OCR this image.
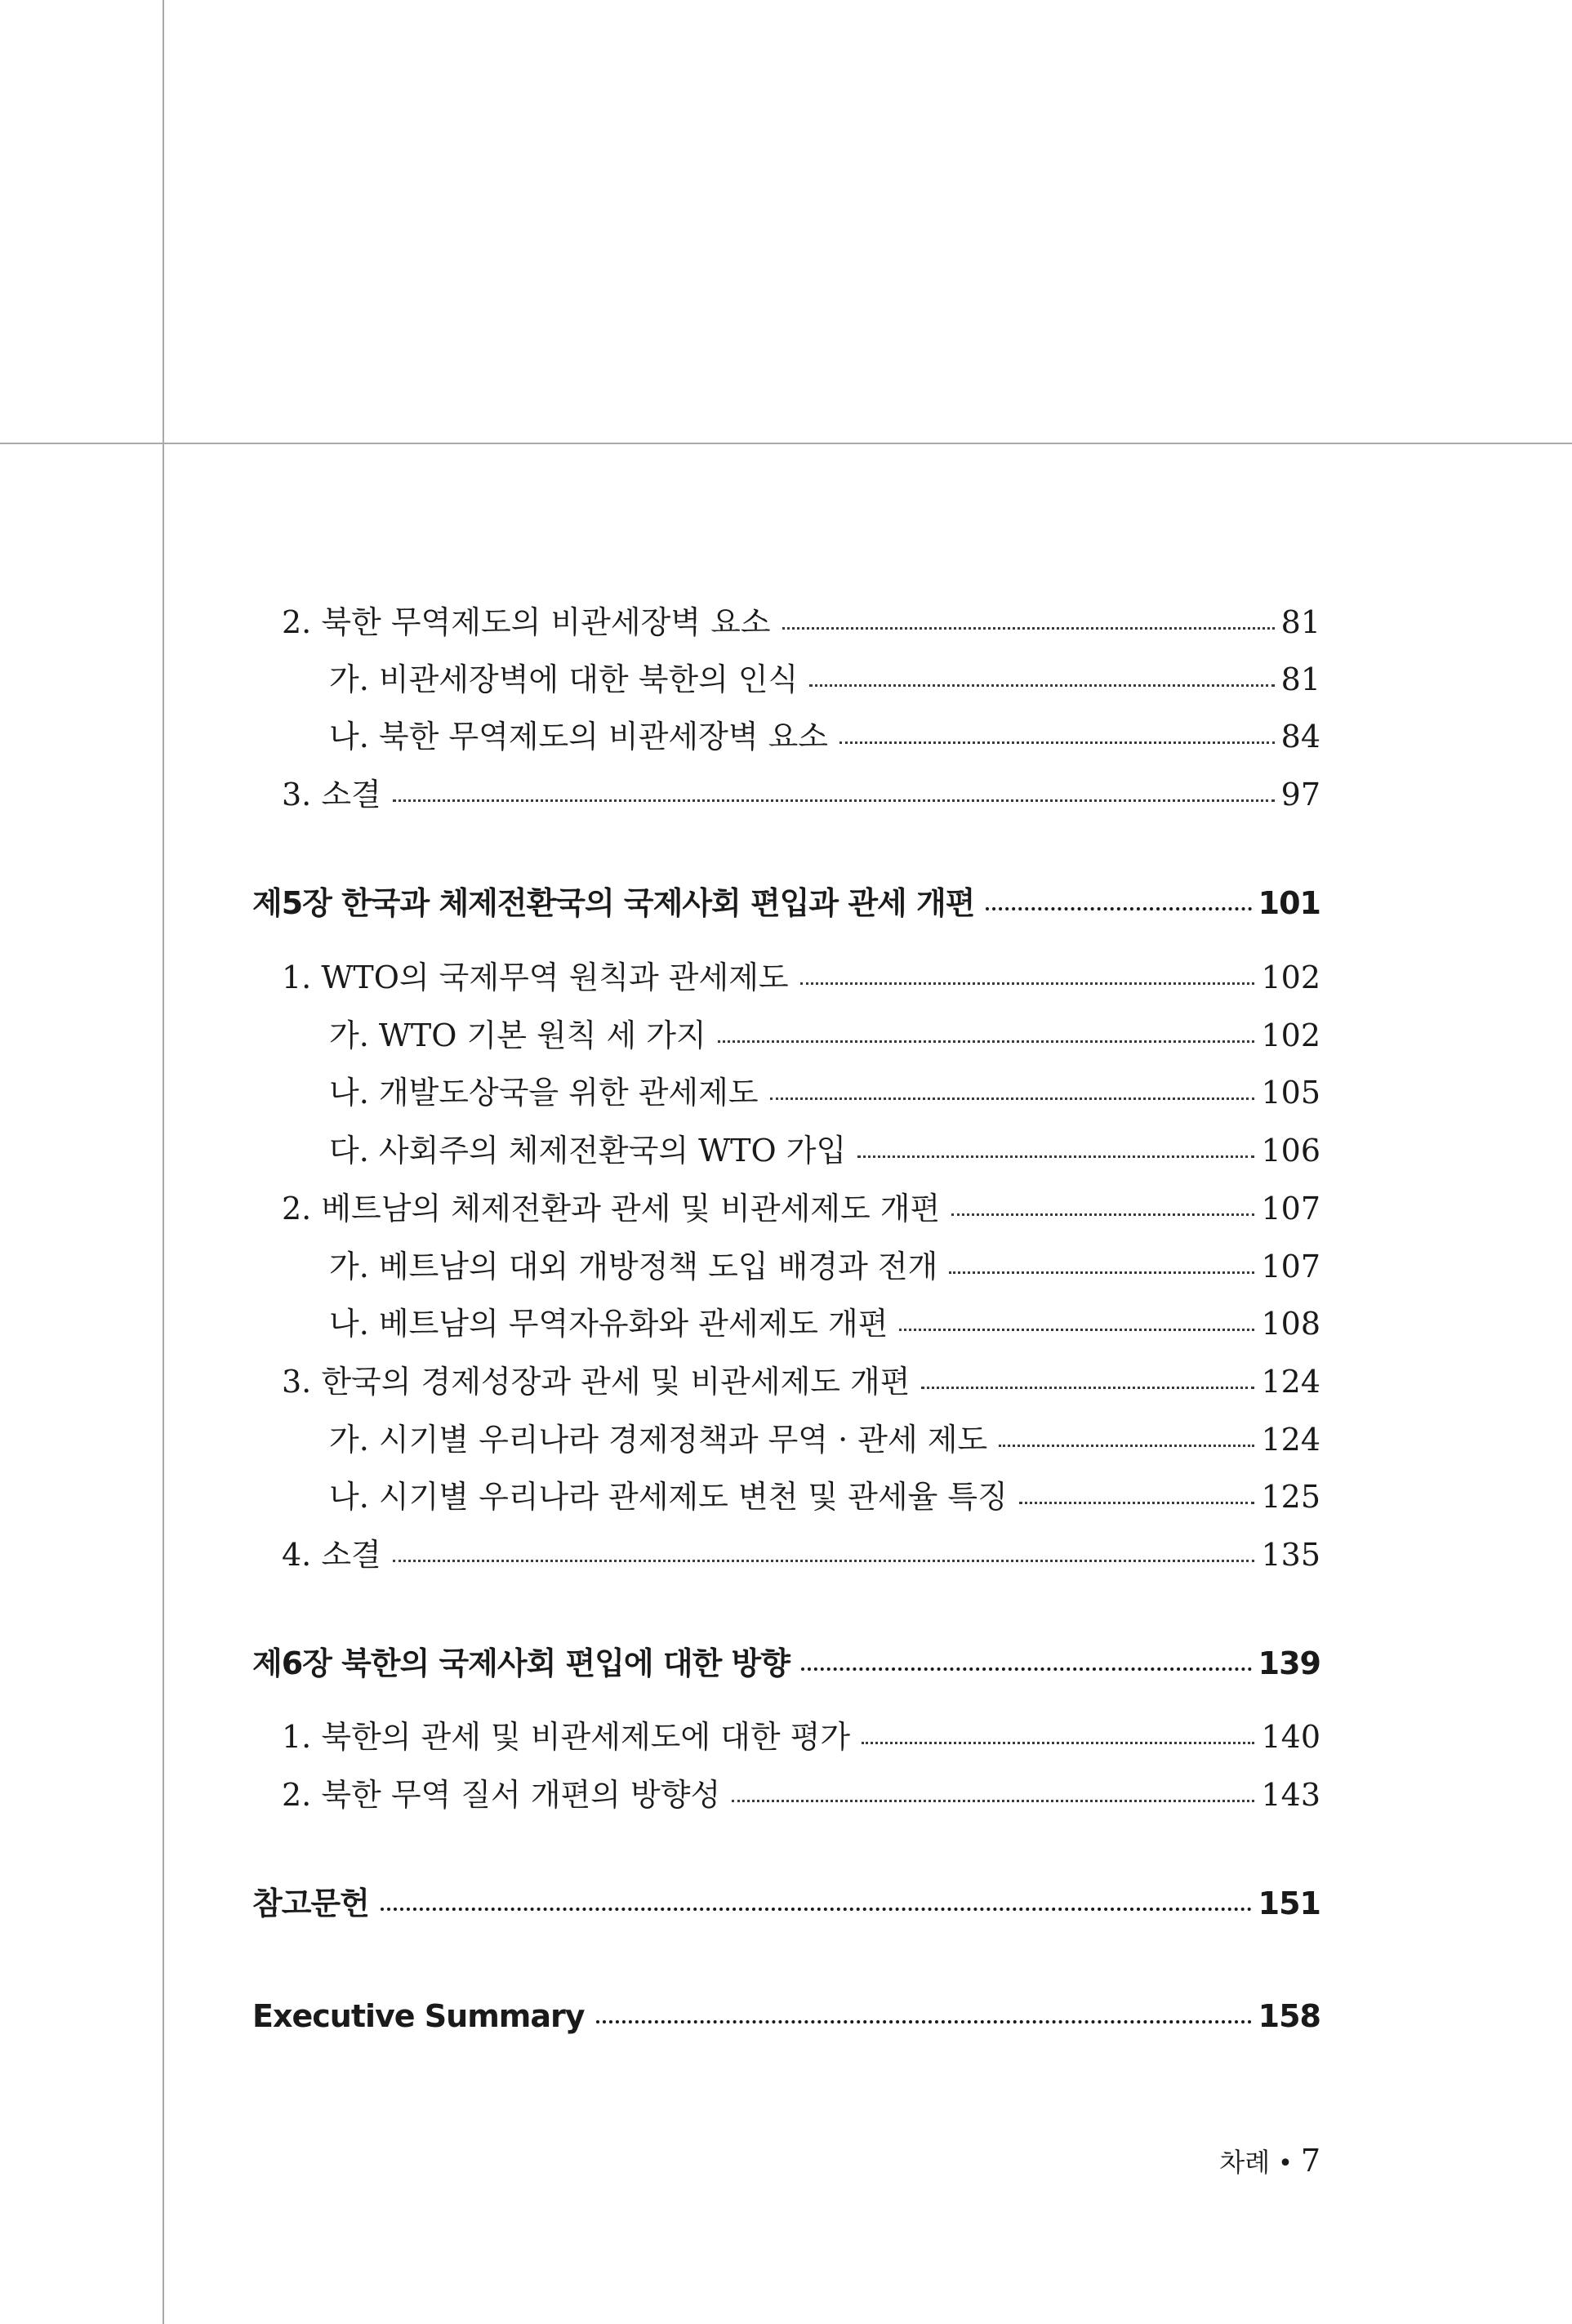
2. 북한 무역제도의 비관세장벽 요소	81
가. 비관세장벽에 대한 북한의 인식	81
나. 북한 무역제도의 비관세장벽 요소	84
3. 소결	97
제5장 한국과 체제전환국의 국제사회 편입과 관세 개편	101
1. WTO의 국제무역 원칙과 관세제도	102
가. WTO 기본 원칙 세 가지	102
나. 개발도상국을 위한 관세제도	105
다. 사회주의 체제전환국의 WTO 가입	106
2. 베트남의 체제전환과 관세 및 비관세제도 개편	107
가. 베트남의 대외 개방정책 도입 배경과 전개	107
나. 베트남의 무역자유화와 관세제도 개편	108
3. 한국의 경제성장과 관세 및 비관세제도 개편	124
가. 시기별 우리나라 경제정책과 무역 · 관세 제도	124
나. 시기별 우리나라 관세제도 변천 및 관세율 특징	125
4. 소결	135
제6장 북한의 국제사회 편입에 대한 방향	139
1. 북한의 관세 및 비관세제도에 대한 평가	140
2. 북한 무역 질서 개편의 방향성	143
참고문헌	151
Executive Summary	158
차례 • 7
